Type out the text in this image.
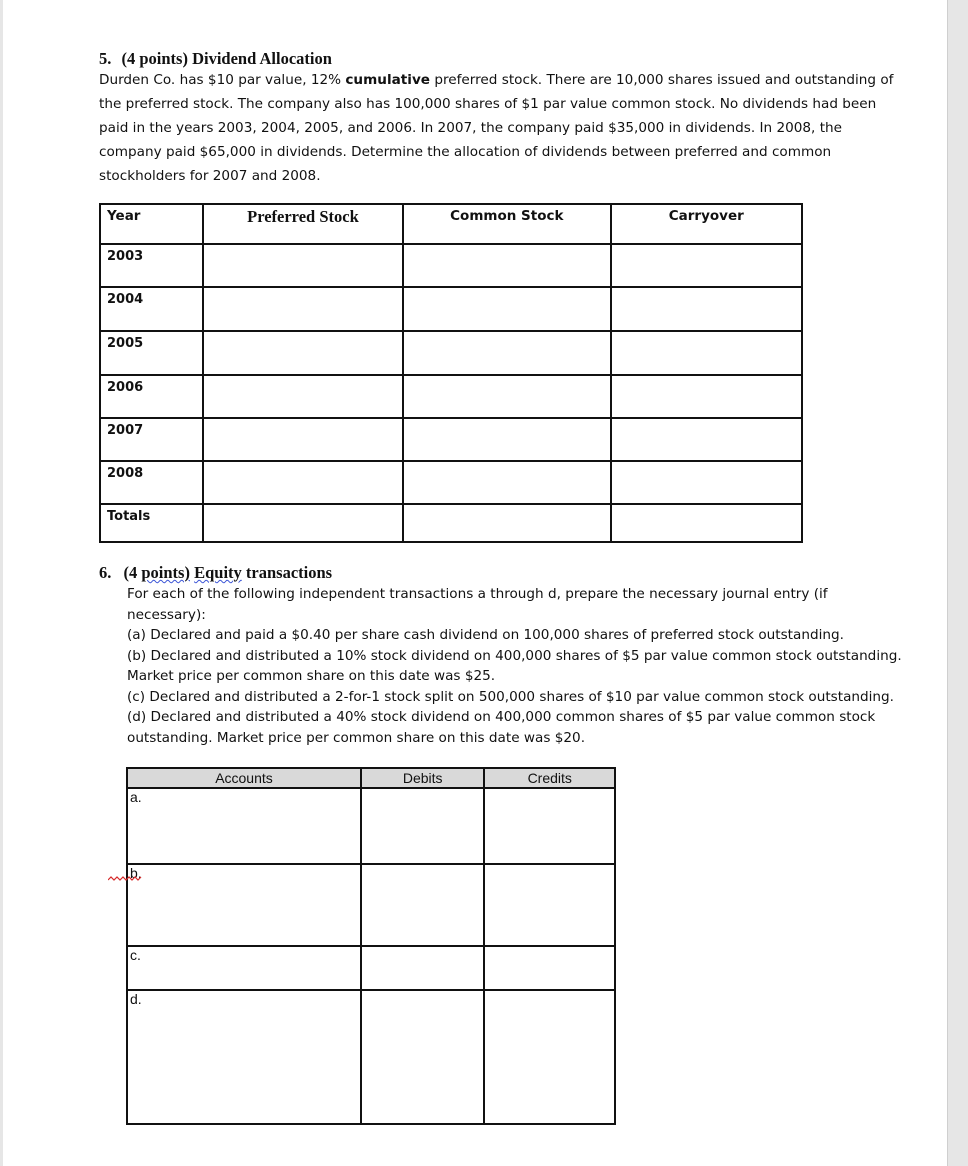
5. (4 points) Dividend Allocation
Durden Co. has $10 par value, 12% cumulative preferred stock. There are 10,000 shares issued and outstanding of
the preferred stock. The company also has 100,000 shares of $1 par value common stock. No dividends had been
paid in the years 2003, 2004, 2005, and 2006. In 2007, the company paid $35,000 in dividends. In 2008, the
company paid $65,000 in dividends. Determine the allocation of dividends between preferred and common
stockholders for 2007 and 2008.
Year	Preferred Stock	Common Stock	Carryover
2003			
2004			
2005			
2006			
2007			
2008			
Totals			
6. (4 points) Equity transactions
For each of the following independent transactions a through d, prepare the necessary journal entry (if
necessary):
(a) Declared and paid a $0.40 per share cash dividend on 100,000 shares of preferred stock outstanding.
(b) Declared and distributed a 10% stock dividend on 400,000 shares of $5 par value common stock outstanding.
Market price per common share on this date was $25.
(c) Declared and distributed a 2-for-1 stock split on 500,000 shares of $10 par value common stock outstanding.
(d) Declared and distributed a 40% stock dividend on 400,000 common shares of $5 par value common stock
outstanding. Market price per common share on this date was $20.
Accounts	Debits	Credits
a.		
b.		
c.		
d.		
